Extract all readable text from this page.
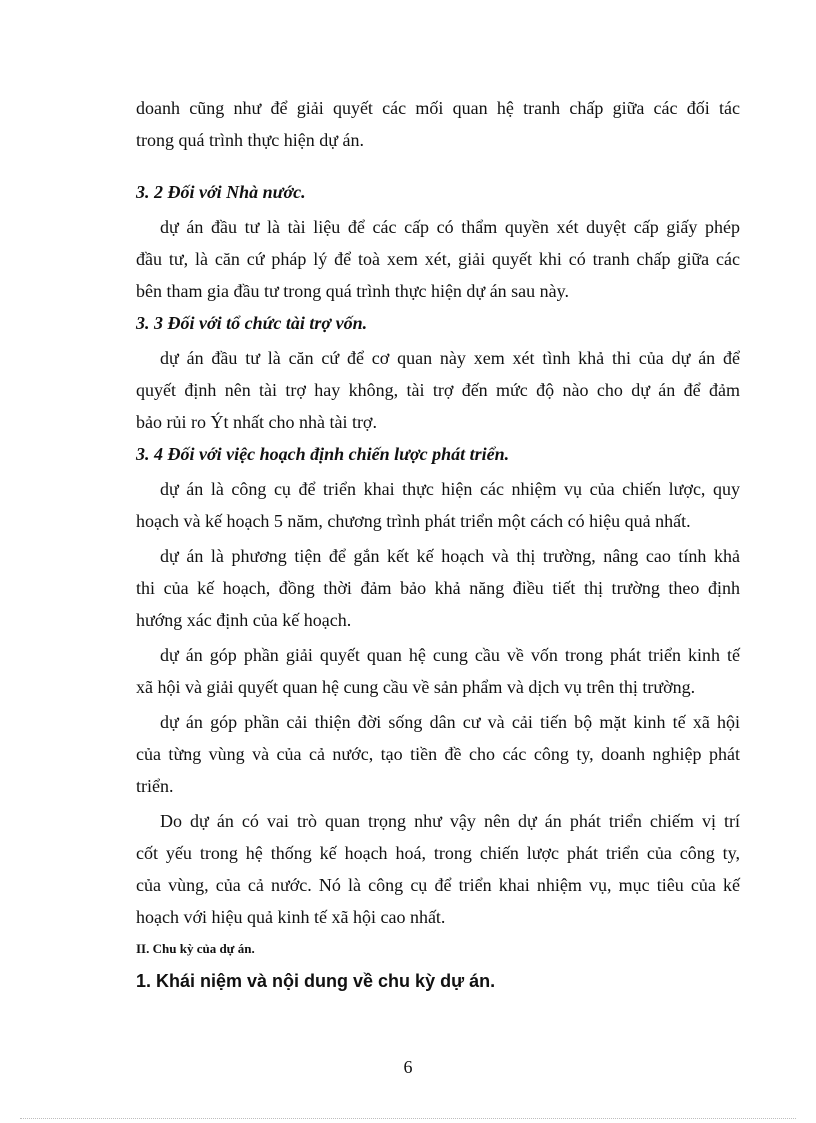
doanh cũng như để giải quyết các mối quan hệ tranh chấp giữa các đối tác
trong quá trình thực hiện dự án.
3. 2 Đối với Nhà nước.
dự án đầu tư là tài liệu để các cấp có thẩm quyền xét duyệt cấp giấy phép
đầu tư, là căn cứ pháp lý để toà xem xét, giải quyết khi có tranh chấp giữa các
bên tham gia đầu tư trong quá trình thực hiện dự án sau này.
3. 3 Đối với tổ chức tài trợ vốn.
dự án đầu tư là căn cứ để cơ quan này xem xét tình khả thi của dự án để
quyết định nên tài trợ hay không, tài trợ đến mức độ nào cho dự án để đảm
bảo rủi ro Ýt nhất cho nhà tài trợ.
3. 4 Đối với việc hoạch định chiến lược phát triển.
dự án là công cụ để triển khai thực hiện các nhiệm vụ của chiến lược, quy
hoạch và kế hoạch 5 năm, chương trình phát triển một cách có hiệu quả nhất.
dự án là phương tiện để gắn kết kế hoạch và thị trường, nâng cao tính khả
thi của kế hoạch, đồng thời đảm bảo khả năng điều tiết thị trường theo định
hướng xác định của kế hoạch.
dự án góp phần giải quyết quan hệ cung cầu về vốn trong phát triển kinh tế
xã hội và giải quyết quan hệ cung cầu về sản phẩm và dịch vụ trên thị trường.
dự án góp phần cải thiện đời sống dân cư và cải tiến bộ mặt kinh tế xã hội
của từng vùng và của cả nước, tạo tiền đề cho các công ty, doanh nghiệp phát
triển.
Do dự án có vai trò quan trọng như vậy nên dự án phát triển chiếm vị trí
cốt yếu trong hệ thống kế hoạch hoá, trong chiến lược phát triển của công ty,
của vùng, của cả nước. Nó là công cụ để triển khai nhiệm vụ, mục tiêu của kế
hoạch với hiệu quả kinh tế xã hội cao nhất.
II. Chu kỳ của dự án.
1. Khái niệm và nội dung về chu kỳ dự án.
6
